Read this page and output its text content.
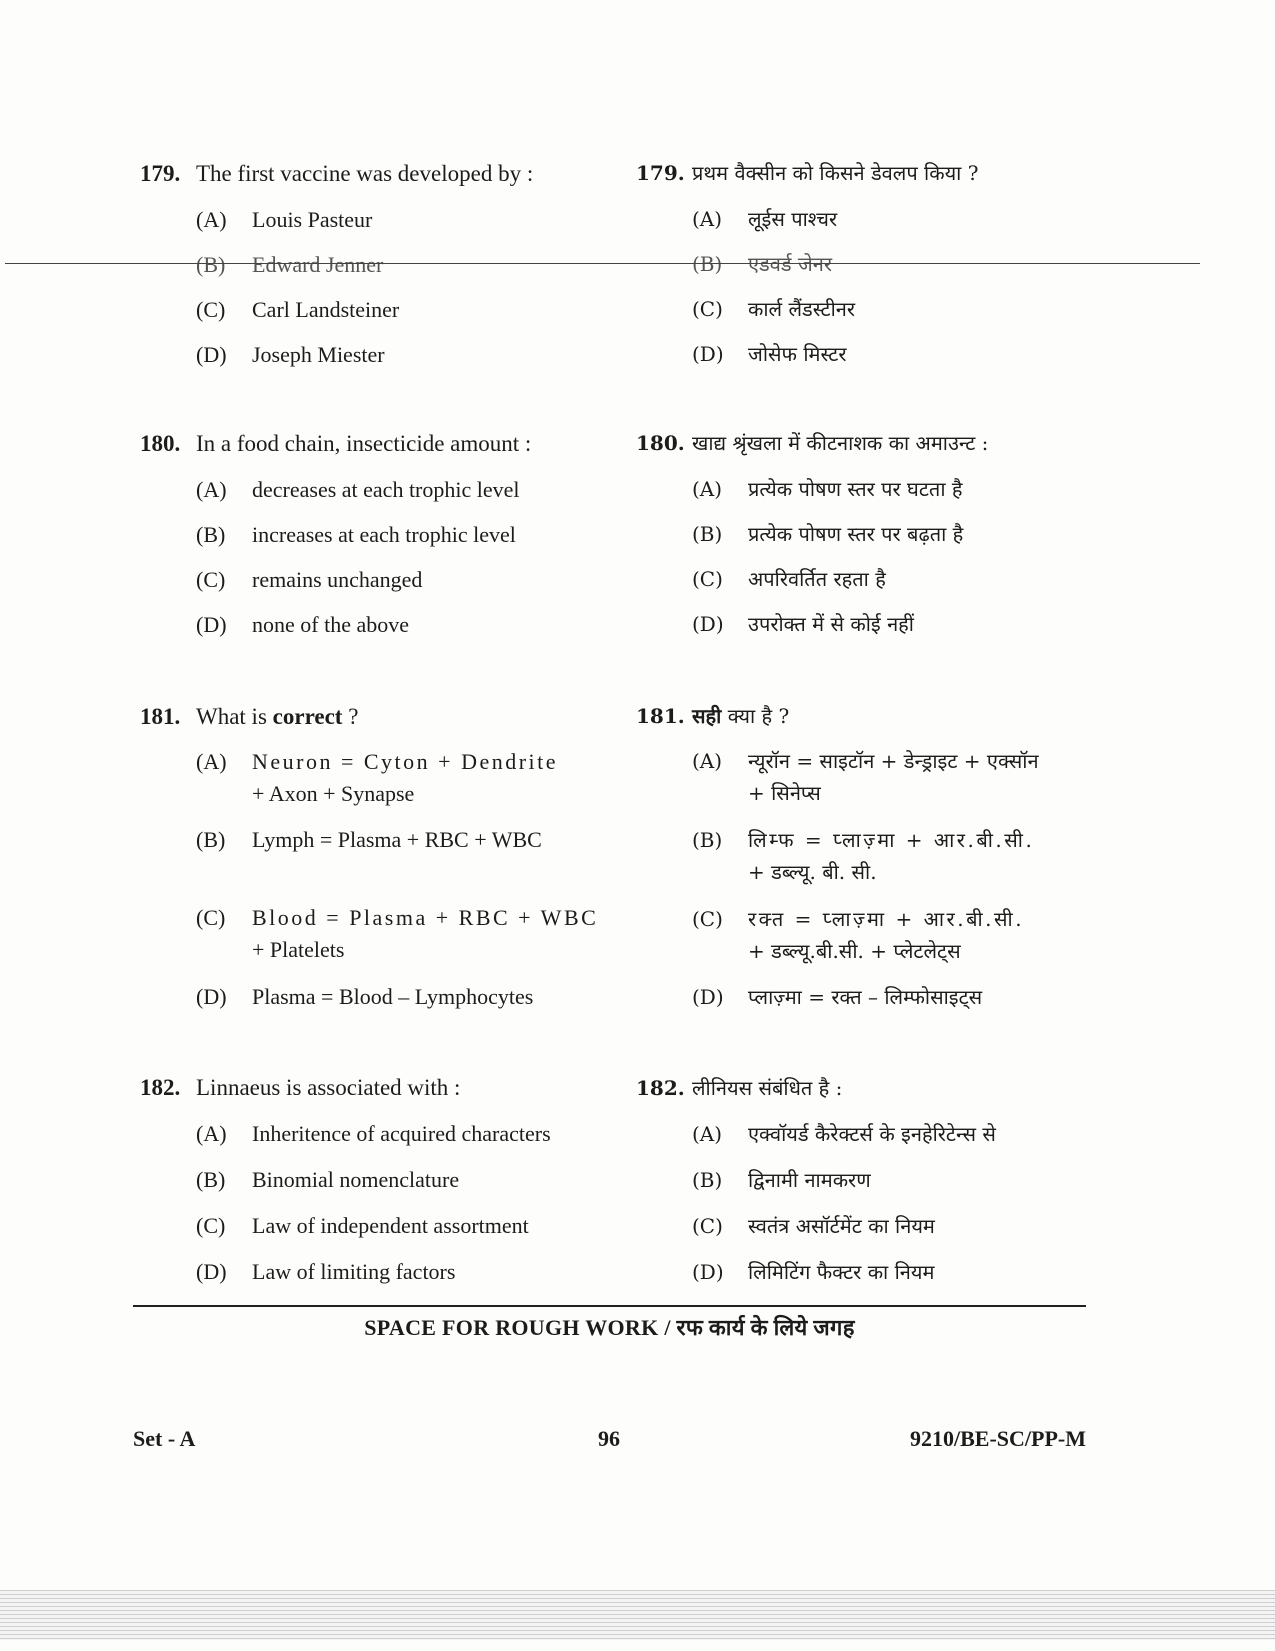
179. The first vaccine was developed by :
(A) Louis Pasteur
(B) Edward Jenner
(C) Carl Landsteiner
(D) Joseph Miester
180. In a food chain, insecticide amount :
(A) decreases at each trophic level
(B) increases at each trophic level
(C) remains unchanged
(D) none of the above
181. What is correct ?
(A) Neuron = Cyton + Dendrite
+ Axon + Synapse
(B) Lymph = Plasma + RBC + WBC
(C) Blood = Plasma + RBC + WBC
+ Platelets
(D) Plasma = Blood – Lymphocytes
182. Linnaeus is associated with :
(A) Inheritence of acquired characters
(B) Binomial nomenclature
(C) Law of independent assortment
(D) Law of limiting factors
179. प्रथम वैक्सीन को किसने डेवलप किया ?
(A) लूईस पाश्चर
(B) एडवर्ड जेनर
(C) कार्ल लैंडस्टीनर
(D) जोसेफ मिस्टर
180. खाद्य श्रृंखला में कीटनाशक का अमाउन्ट :
(A) प्रत्येक पोषण स्तर पर घटता है
(B) प्रत्येक पोषण स्तर पर बढ़ता है
(C) अपरिवर्तित रहता है
(D) उपरोक्त में से कोई नहीं
181. सही क्या है ?
(A) न्यूरॉन = साइटॉन + डेन्ड्राइट + एक्सॉन
+ सिनेप्स
(B) लिम्फ = प्लाज़्मा + आर.बी.सी.
+ डब्ल्यू. बी. सी.
(C) रक्त = प्लाज़्मा + आर.बी.सी.
+ डब्ल्यू.बी.सी. + प्लेटलेट्स
(D) प्लाज़्मा = रक्त – लिम्फोसाइट्स
182. लीनियस संबंधित है :
(A) एक्वॉयर्ड कैरेक्टर्स के इनहेरिटेन्स से
(B) द्विनामी नामकरण
(C) स्वतंत्र असॉर्टमेंट का नियम
(D) लिमिटिंग फैक्टर का नियम
SPACE FOR ROUGH WORK / रफ कार्य के लिये जगह
Set - A	96	9210/BE-SC/PP-M
